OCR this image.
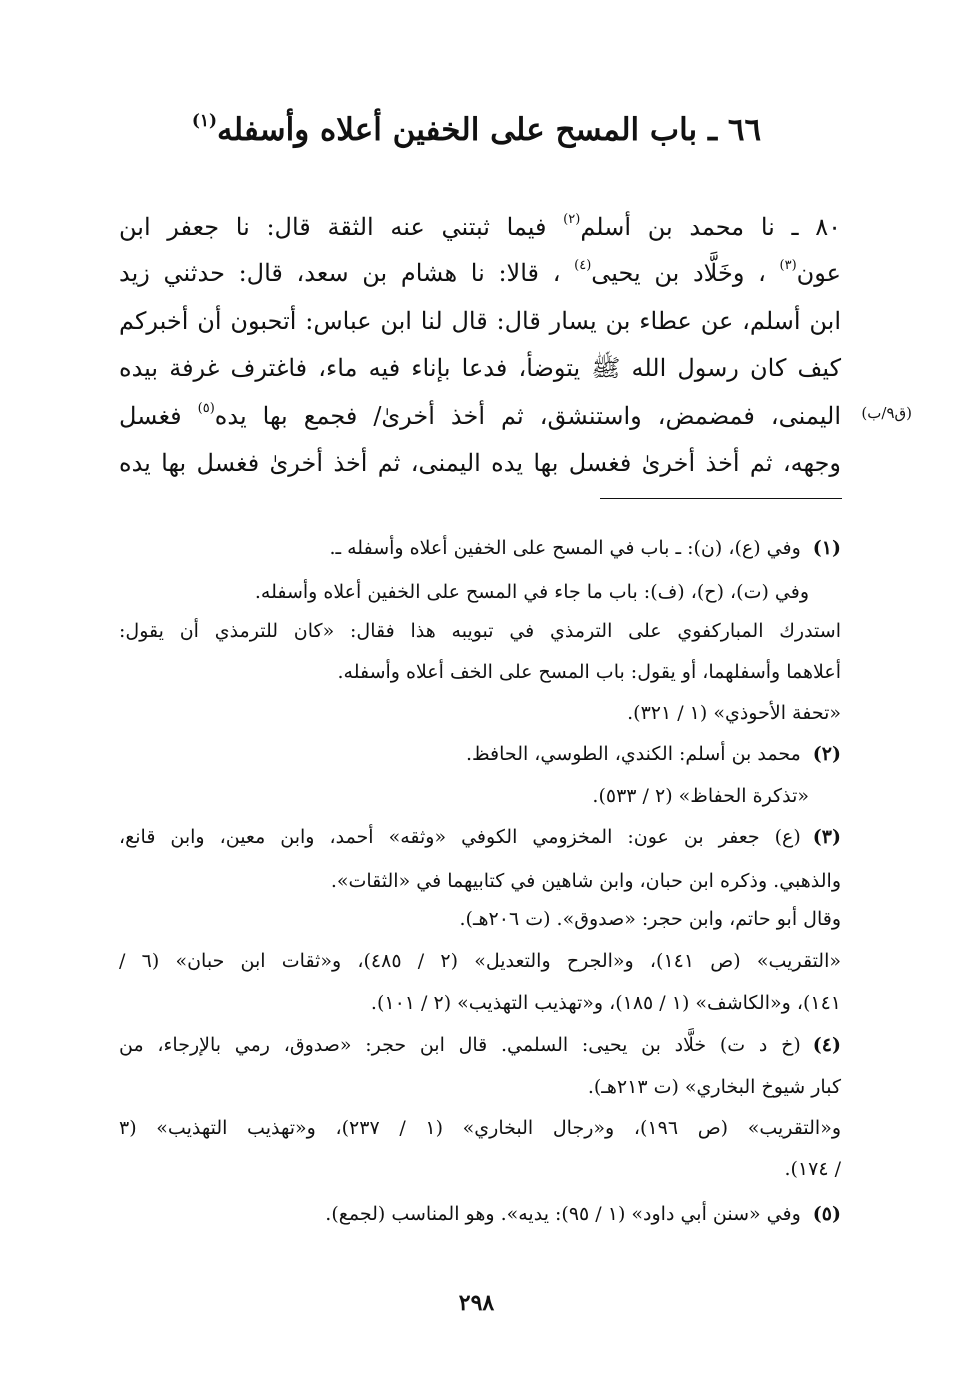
٦٦ ـ باب المسح على الخفين أعلاه وأسفله$^{(١)}$
٨٠ ـ نا محمد بن أسلم$^{(٢)}$ فيما ثبتني عنه الثقة قال: نا جعفر ابن
عون$^{(٣)}$ ، وخَلَّاد بن يحيى$^{(٤)}$ ، قالا: نا هشام بن سعد، قال: حدثني زيد
ابن أسلم، عن عطاء بن يسار قال: قال لنا ابن عباس: أتحبون أن أخبركم
كيف كان رسول الله ﷺ يتوضأ، فدعا بإناء فيه ماء، فاغترف غرفة بيده
اليمنى، فمضمض، واستنشق، ثم أخذ أخرىٰ/ فجمع بها يده$^{(٥)}$ فغسل
وجهه، ثم أخذ أخرىٰ فغسل بها يده اليمنى، ثم أخذ أخرىٰ فغسل بها يده
(ق٩/ب)
(١)وفي (ع)، (ن): ـ باب في المسح على الخفين أعلاه وأسفله ـ.
وفي (ت)، (ح)، (ف): باب ما جاء في المسح على الخفين أعلاه وأسفله.
استدرك المباركفوي على الترمذي في تبويبه هذا فقال: «كان للترمذي أن يقول:
أعلاهما وأسفلهما، أو يقول: باب المسح على الخف أعلاه وأسفله.
«تحفة الأحوذي» (١ / ٣٢١).
(٢)محمد بن أسلم: الكندي، الطوسي، الحافظ.
«تذكرة الحفاظ» (٢ / ٥٣٣).
(٣)(ع) جعفر بن عون: المخزومي الكوفي «وثقه» أحمد، وابن معين، وابن قانع،
والذهبي. وذكره ابن حبان، وابن شاهين في كتابيهما في «الثقات».
وقال أبو حاتم، وابن حجر: «صدوق». (ت ٢٠٦هـ).
«التقريب» (ص ١٤١)، و«الجرح والتعديل» (٢ / ٤٨٥)، و«ثقات ابن حبان» (٦ /
١٤١)، و«الكاشف» (١ / ١٨٥)، و«تهذيب التهذيب» (٢ / ١٠١).
(٤)(خ د ت) خلَّاد بن يحيى: السلمي. قال ابن حجر: «صدوق، رمي بالإرجاء، من
كبار شيوخ البخاري» (ت ٢١٣هـ).
و«التقريب» (ص ١٩٦)، و«رجال البخاري» (١ / ٢٣٧)، و«تهذيب التهذيب» (٣
/ ١٧٤).
(٥)وفي «سنن أبي داود» (١ / ٩٥): يديه». وهو المناسب (لجمع).
٢٩٨
